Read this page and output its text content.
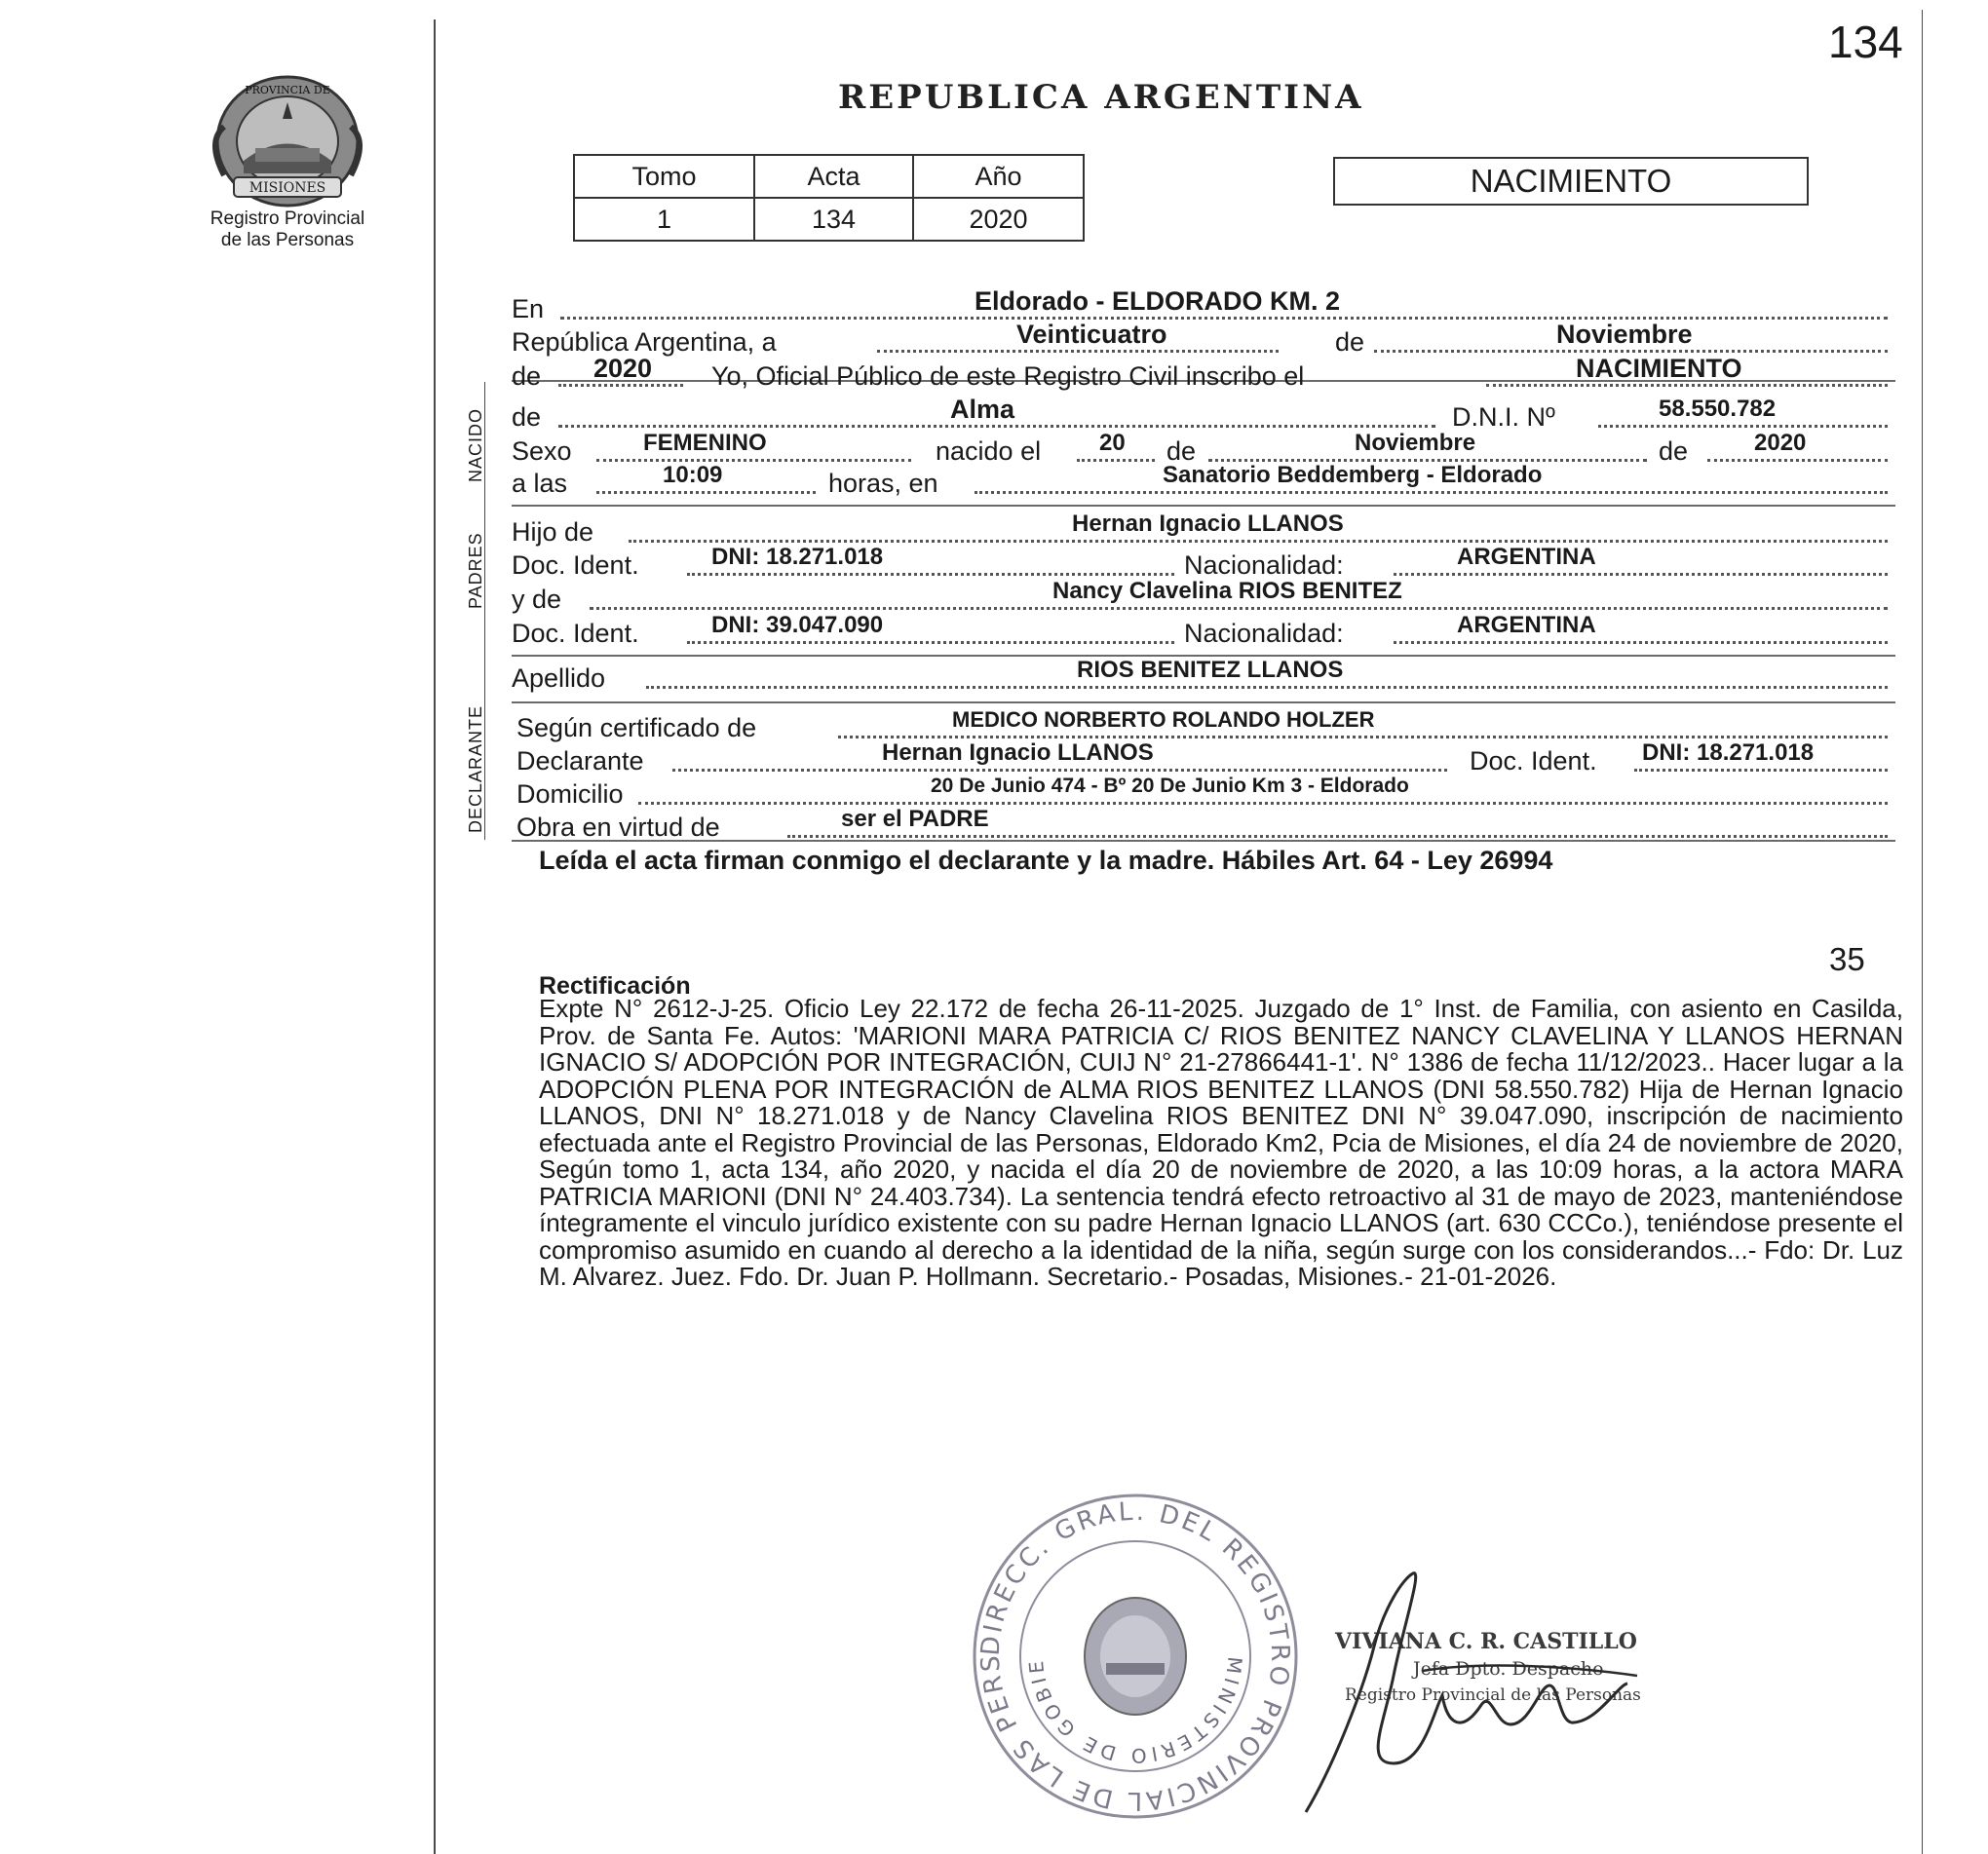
134
NACIDO
PADRES
DECLARANTE
MISIONES
PROVINCIA DE
Registro Provincial
de las Personas
REPUBLICA ARGENTINA
Tomo	Acta	Año
1	134	2020
NACIMIENTO
En	Eldorado - ELDORADO KM. 2
República Argentina, a	Veinticuatro	de	Noviembre
de 2020 Yo, Oficial Público de este Registro Civil inscribo el	NACIMIENTO
de	Alma	D.N.I. Nº	58.550.782
Sexo	FEMENINO	nacido el 20 de	Noviembre	de	2020
a las	10:09	horas, en	Sanatorio Beddemberg - Eldorado
Hijo de	Hernan Ignacio LLANOS
Doc. Ident.	DNI: 18.271.018	Nacionalidad:	ARGENTINA
y de	Nancy Clavelina RIOS BENITEZ
Doc. Ident.	DNI: 39.047.090	Nacionalidad:	ARGENTINA
Apellido	RIOS BENITEZ LLANOS
Según certificado de	MEDICO NORBERTO ROLANDO HOLZER
Declarante	Hernan Ignacio LLANOS	Doc. Ident. DNI: 18.271.018
Domicilio	20 De Junio 474 - Bº 20 De Junio Km 3 - Eldorado
Obra en virtud de	ser el PADRE
Leída el acta firman conmigo el declarante y la madre. Hábiles Art. 64 - Ley 26994
35
Rectificación
Expte N° 2612-J-25. Oficio Ley 22.172 de fecha 26-11-2025. Juzgado de 1° Inst. de Familia, con asiento en Casilda, Prov. de Santa Fe. Autos: 'MARIONI MARA PATRICIA C/ RIOS BENITEZ NANCY CLAVELINA Y LLANOS HERNAN IGNACIO S/ ADOPCIÓN POR INTEGRACIÓN, CUIJ N° 21-27866441-1'. N° 1386 de fecha 11/12/2023.. Hacer lugar a la ADOPCIÓN PLENA POR INTEGRACIÓN de ALMA RIOS BENITEZ LLANOS (DNI 58.550.782) Hija de Hernan Ignacio LLANOS, DNI N° 18.271.018 y de Nancy Clavelina RIOS BENITEZ DNI N° 39.047.090, inscripción de nacimiento efectuada ante el Registro Provincial de las Personas, Eldorado Km2, Pcia de Misiones, el día 24 de noviembre de 2020, Según tomo 1, acta 134, año 2020, y nacida el día 20 de noviembre de 2020, a las 10:09 horas, a la actora MARA PATRICIA MARIONI (DNI N° 24.403.734). La sentencia tendrá efecto retroactivo al 31 de mayo de 2023, manteniéndose íntegramente el vinculo jurídico existente con su padre Hernan Ignacio LLANOS (art. 630 CCCo.), teniéndose presente el compromiso asumido en cuando al derecho a la identidad de la niña, según surge con los considerandos...- Fdo: Dr. Luz M. Alvarez. Juez. Fdo. Dr. Juan P. Hollmann. Secretario.- Posadas, Misiones.- 21-01-2026.
DIRECC. GRAL. DEL REGISTRO PROVINCIAL DE LAS PERS	MINISTERIO DE GOBIE
VIVIANA C. R. CASTILLO
Jefa Dpto. Despacho
Registro Provincial de las Personas
